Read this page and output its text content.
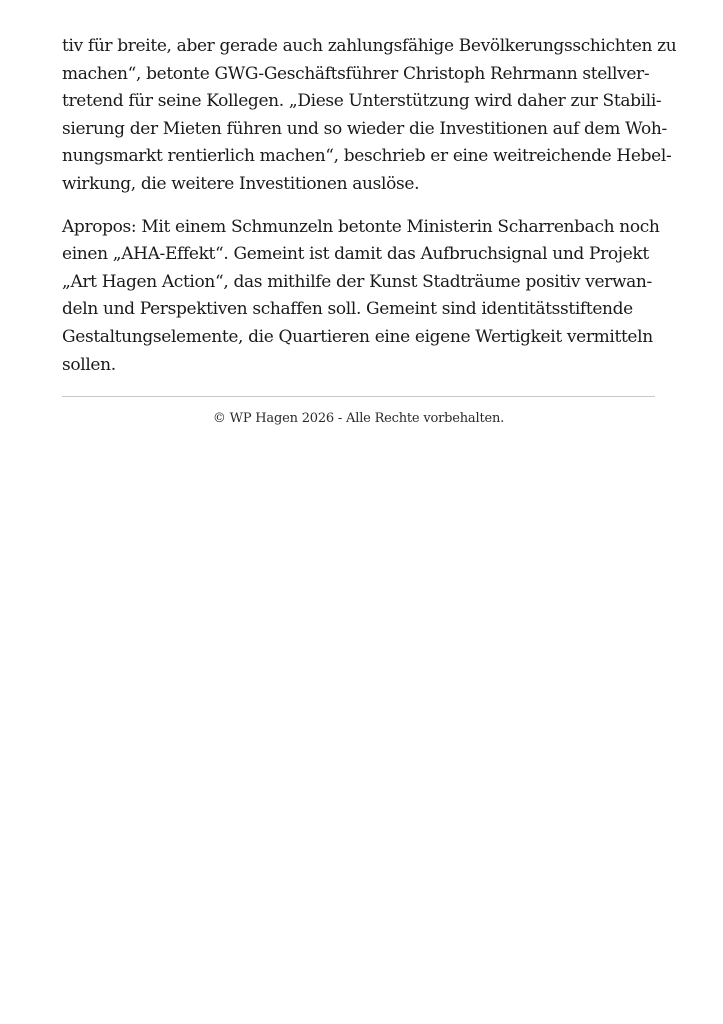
tiv für breite, aber gerade auch zahlungsfähige Bevölkerungsschichten zu
machen“, betonte GWG-Geschäftsführer Christoph Rehrmann stellver-
tretend für seine Kollegen. „Diese Unterstützung wird daher zur Stabili-
sierung der Mieten führen und so wieder die Investitionen auf dem Woh-
nungsmarkt rentierlich machen“, beschrieb er eine weitreichende Hebel-
wirkung, die weitere Investitionen auslöse.

Apropos: Mit einem Schmunzeln betonte Ministerin Scharrenbach noch
einen „AHA-Effekt“. Gemeint ist damit das Aufbruchsignal und Projekt
„Art Hagen Action“, das mithilfe der Kunst Stadträume positiv verwan-
deln und Perspektiven schaffen soll. Gemeint sind identitätsstiftende
Gestaltungselemente, die Quartieren eine eigene Wertigkeit vermitteln
sollen.

© WP Hagen 2026 - Alle Rechte vorbehalten.
